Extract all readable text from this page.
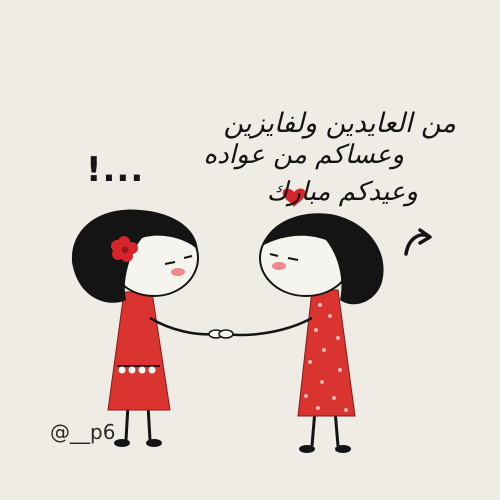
من العايدين ولفايزين
وعساكم من عواده
وعيدكم مبارك
!...
@__p6
